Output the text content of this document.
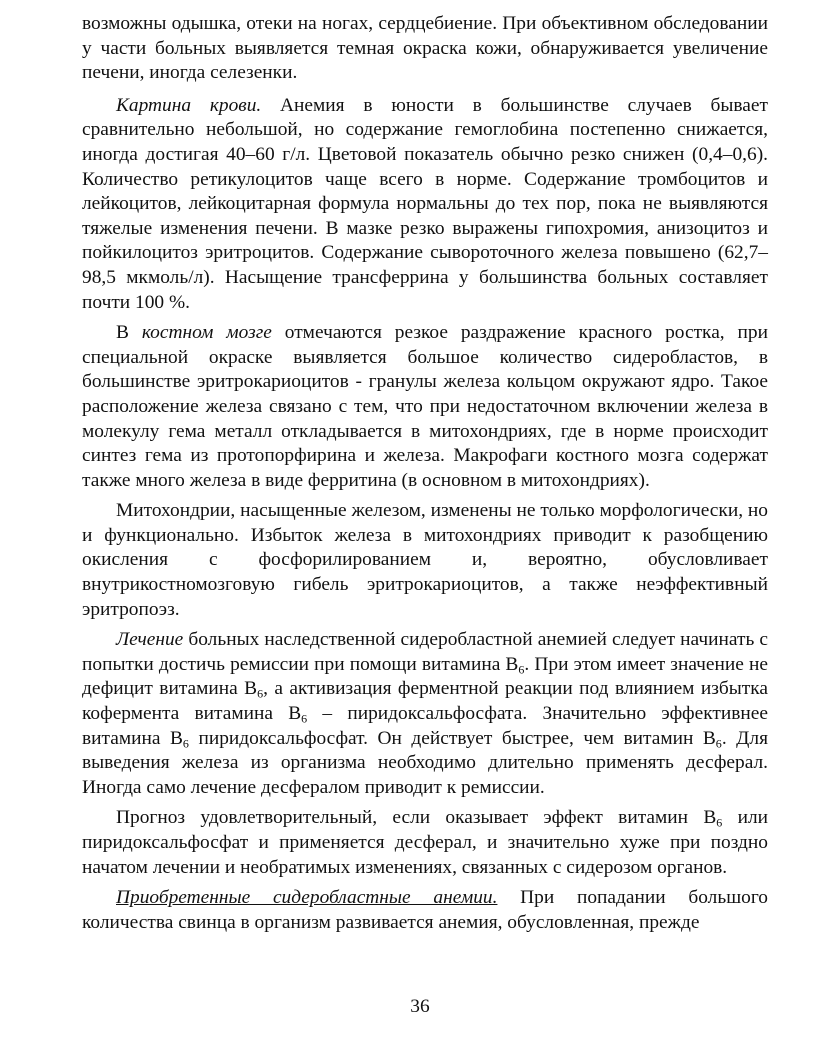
возможны одышка, отеки на ногах, сердцебиение. При объективном обследовании у части больных выявляется темная окраска кожи, обнаруживается увеличение печени, иногда селезенки.

Картина крови. Анемия в юности в большинстве случаев бывает сравнительно небольшой, но содержание гемоглобина постепенно снижается, иногда достигая 40–60 г/л. Цветовой показатель обычно резко снижен (0,4–0,6). Количество ретикулоцитов чаще всего в норме. Содержание тромбоцитов и лейкоцитов, лейкоцитарная формула нормальны до тех пор, пока не выявляются тяжелые изменения печени. В мазке резко выражены гипохромия, анизоцитоз и пойкилоцитоз эритроцитов. Содержание сывороточного железа повышено (62,7–98,5 мкмоль/л). Насыщение трансферрина у большинства больных составляет почти 100 %.

В костном мозге отмечаются резкое раздражение красного ростка, при специальной окраске выявляется большое количество сидеробластов, в большинстве эритрокариоцитов - гранулы железа кольцом окружают ядро. Такое расположение железа связано с тем, что при недостаточном включении железа в молекулу гема металл откладывается в митохондриях, где в норме происходит синтез гема из протопорфирина и железа. Макрофаги костного мозга содержат также много железа в виде ферритина (в основном в митохондриях).

Митохондрии, насыщенные железом, изменены не только морфологически, но и функционально. Избыток железа в митохондриях приводит к разобщению окисления с фосфорилированием и, вероятно, обусловливает внутрикостномозговую гибель эритрокариоцитов, а также неэффективный эритропоэз.

Лечение больных наследственной сидеробластной анемией следует начинать с попытки достичь ремиссии при помощи витамина $В_6$. При этом имеет значение не дефицит витамина $В_6$, а активизация ферментной реакции под влиянием избытка кофермента витамина $В_6$ – пиридоксальфосфата. Значительно эффективнее витамина $В_6$ пиридоксальфосфат. Он действует быстрее, чем витамин $В_6$. Для выведения железа из организма необходимо длительно применять десферал. Иногда само лечение десфералом приводит к ремиссии.

Прогноз удовлетворительный, если оказывает эффект витамин $В_6$ или пиридоксальфосфат и применяется десферал, и значительно хуже при поздно начатом лечении и необратимых изменениях, связанных с сидерозом органов.

Приобретенные сидеробластные анемии. При попадании большого количества свинца в организм развивается анемия, обусловленная, прежде

36
